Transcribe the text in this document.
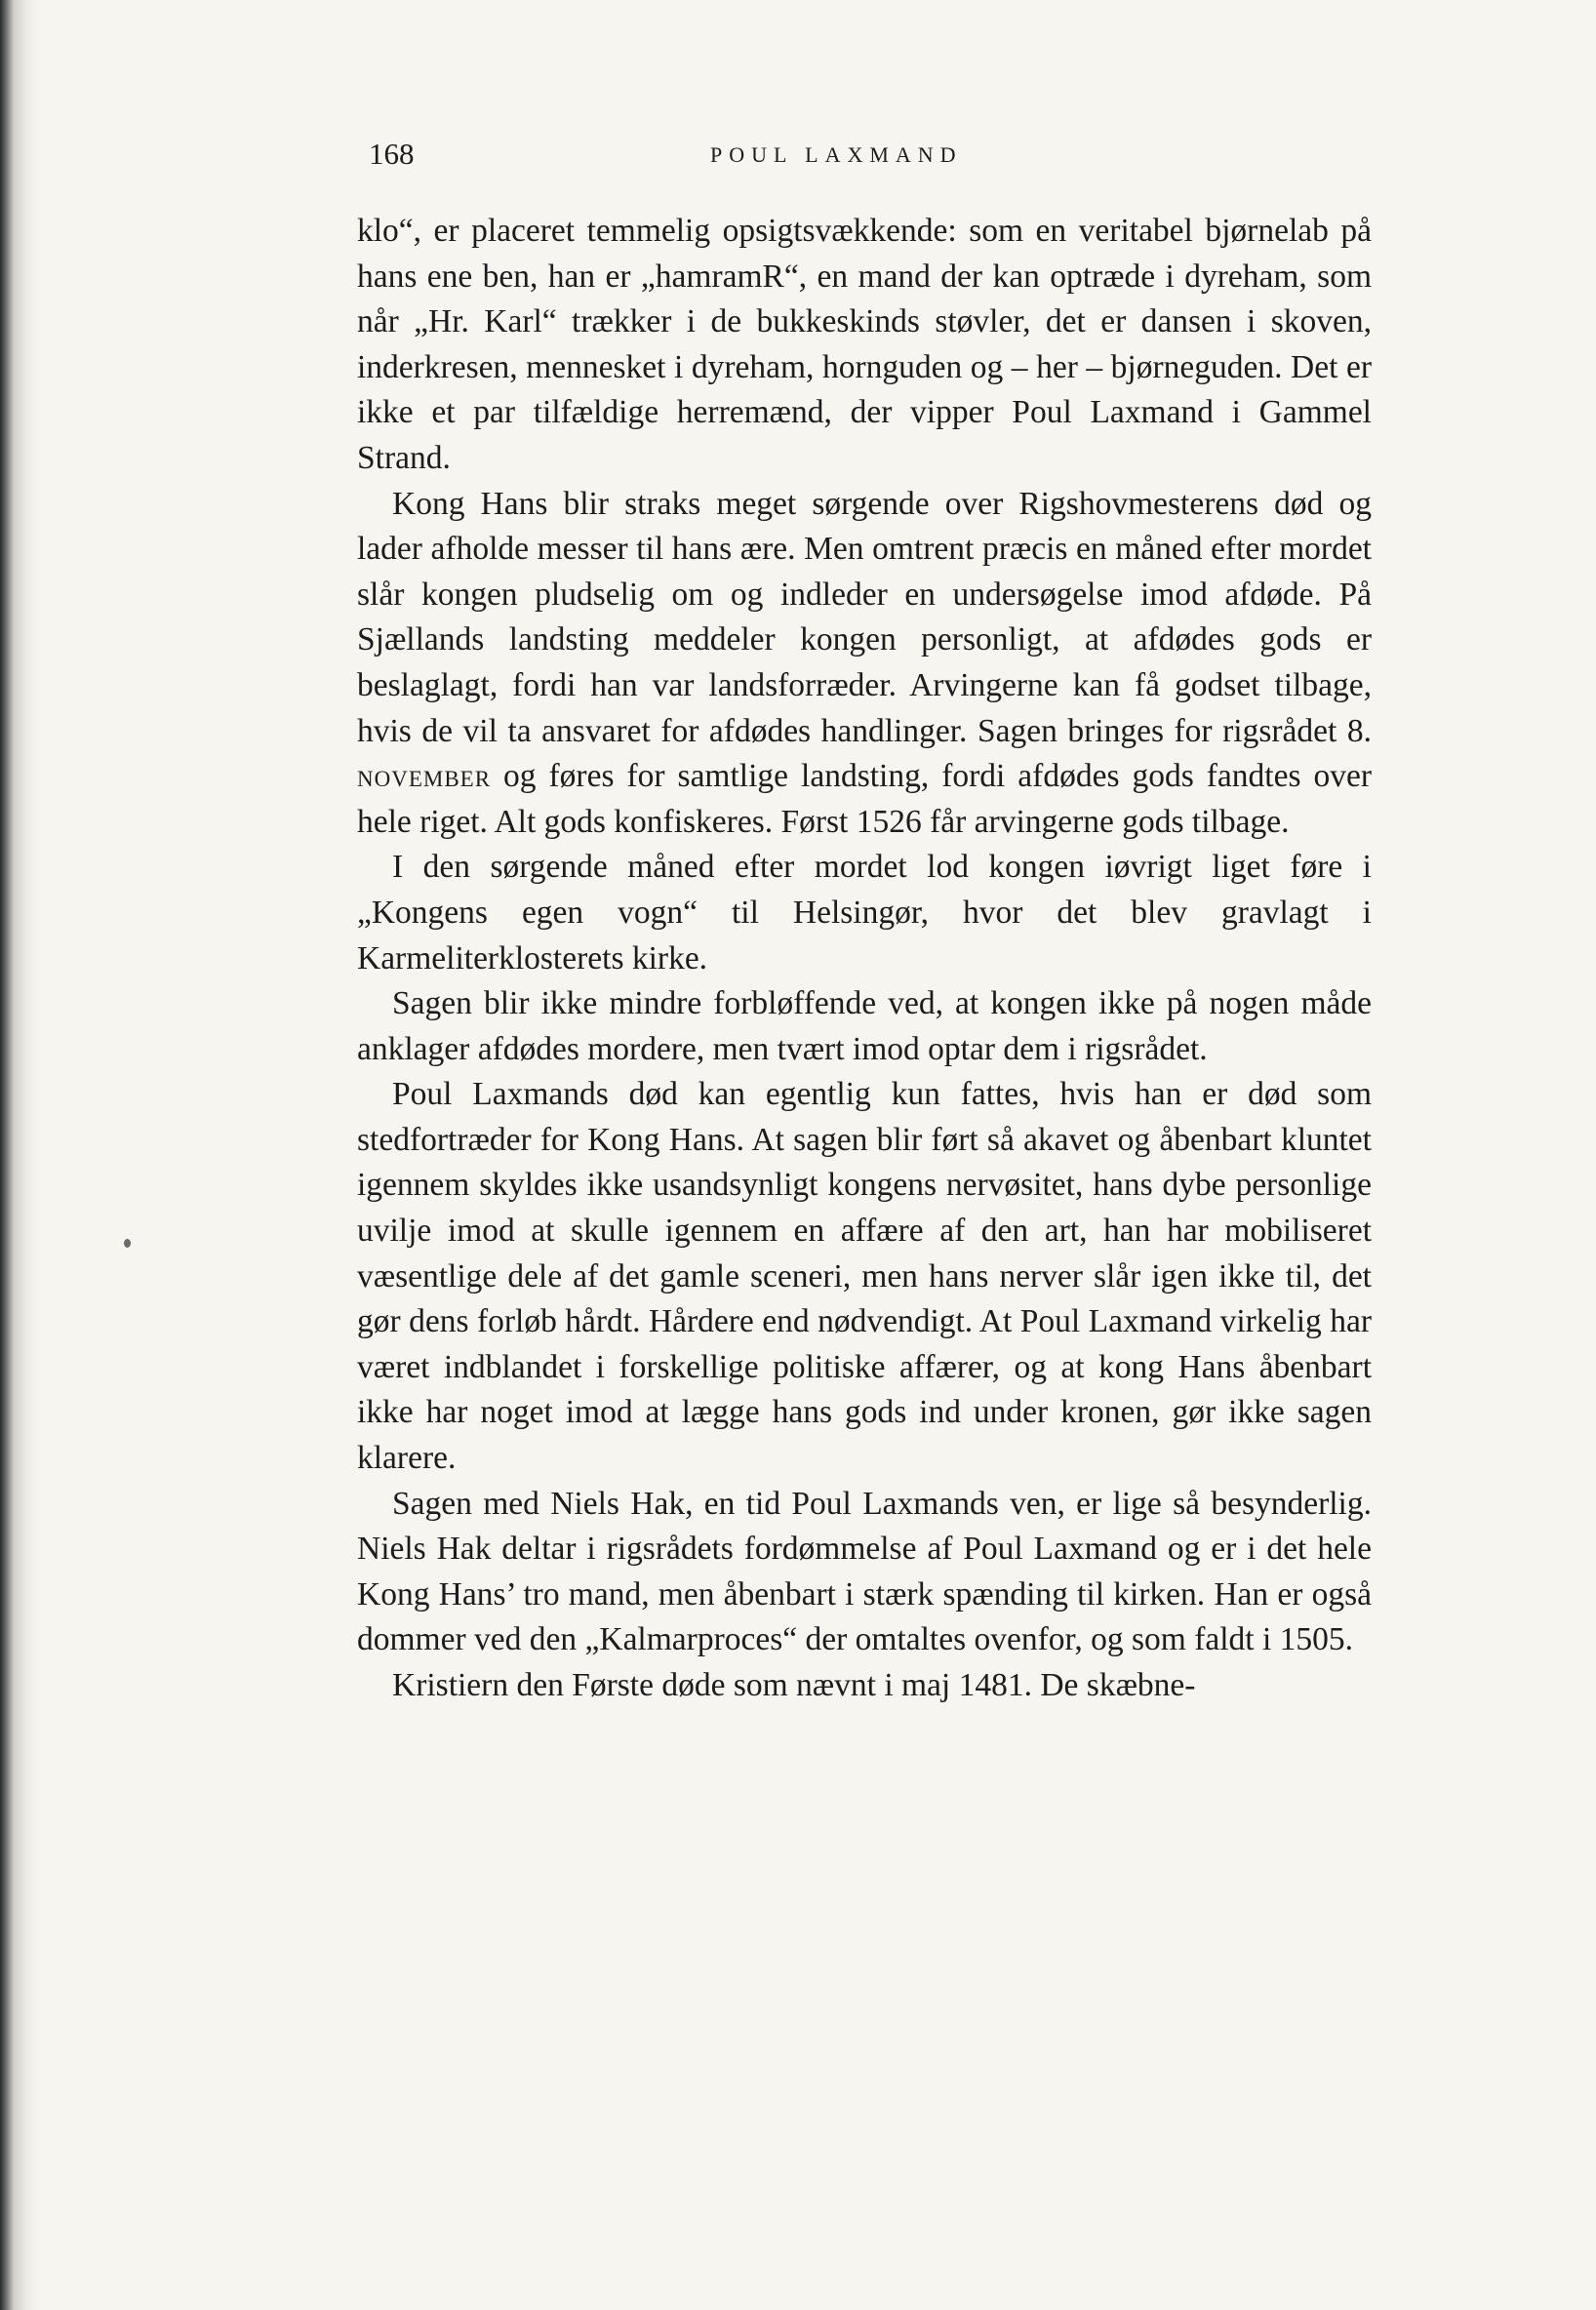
168	POUL LAXMAND

klo“, er placeret temmelig opsigtsvækkende: som en veritabel bjørnelab på hans ene ben, han er „hamramR“, en mand der kan optræde i dyreham, som når „Hr. Karl“ trækker i de bukkeskinds støvler, det er dansen i skoven, inderkresen, mennesket i dyreham, hornguden og – her – bjørneguden. Det er ikke et par tilfældige herremænd, der vipper Poul Laxmand i Gammel Strand.

Kong Hans blir straks meget sørgende over Rigshovmesterens død og lader afholde messer til hans ære. Men omtrent præcis en måned efter mordet slår kongen pludselig om og indleder en undersøgelse imod afdøde. På Sjællands landsting meddeler kongen personligt, at afdødes gods er beslaglagt, fordi han var landsforræder. Arvingerne kan få godset tilbage, hvis de vil ta ansvaret for afdødes handlinger. Sagen bringes for rigsrådet 8. november og føres for samtlige landsting, fordi afdødes gods fandtes over hele riget. Alt gods konfiskeres. Først 1526 får arvingerne gods tilbage.

I den sørgende måned efter mordet lod kongen iøvrigt liget føre i „Kongens egen vogn“ til Helsingør, hvor det blev gravlagt i Karmeliterklosterets kirke.

Sagen blir ikke mindre forbløffende ved, at kongen ikke på nogen måde anklager afdødes mordere, men tvært imod optar dem i rigsrådet.

Poul Laxmands død kan egentlig kun fattes, hvis han er død som stedfortræder for Kong Hans. At sagen blir ført så akavet og åbenbart kluntet igennem skyldes ikke usandsynligt kongens nervøsitet, hans dybe personlige uvilje imod at skulle igennem en affære af den art, han har mobiliseret væsentlige dele af det gamle sceneri, men hans nerver slår igen ikke til, det gør dens forløb hårdt. Hårdere end nødvendigt. At Poul Laxmand virkelig har været indblandet i forskellige politiske affærer, og at kong Hans åbenbart ikke har noget imod at lægge hans gods ind under kronen, gør ikke sagen klarere.

Sagen med Niels Hak, en tid Poul Laxmands ven, er lige så besynderlig. Niels Hak deltar i rigsrådets fordømmelse af Poul Laxmand og er i det hele Kong Hans’ tro mand, men åbenbart i stærk spænding til kirken. Han er også dommer ved den „Kalmarproces“ der omtaltes ovenfor, og som faldt i 1505.

Kristiern den Første døde som nævnt i maj 1481. De skæbne-
